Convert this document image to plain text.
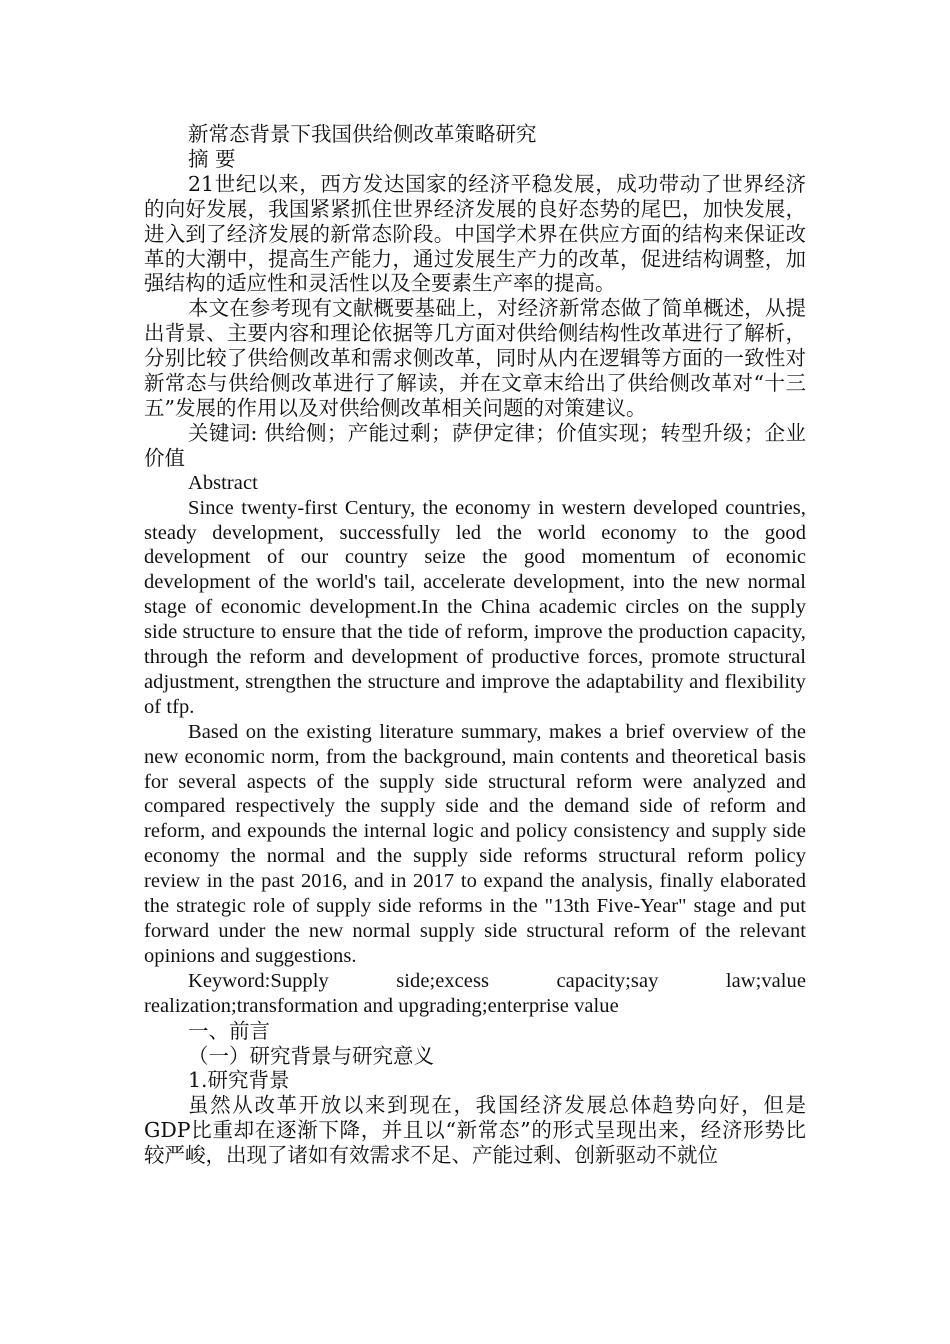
新常态背景下我国供给侧改革策略研究

摘 要

21世纪以来，西方发达国家的经济平稳发展，成功带动了世界经济的向好发展，我国紧紧抓住世界经济发展的良好态势的尾巴，加快发展，进入到了经济发展的新常态阶段。中国学术界在供应方面的结构来保证改革的大潮中，提高生产能力，通过发展生产力的改革，促进结构调整，加强结构的适应性和灵活性以及全要素生产率的提高。

本文在参考现有文献概要基础上，对经济新常态做了简单概述，从提出背景、主要内容和理论依据等几方面对供给侧结构性改革进行了解析，分别比较了供给侧改革和需求侧改革，同时从内在逻辑等方面的一致性对新常态与供给侧改革进行了解读，并在文章末给出了供给侧改革对“十三五”发展的作用以及对供给侧改革相关问题的对策建议。

关键词: 供给侧；产能过剩；萨伊定律；价值实现；转型升级；企业价值

Abstract

Since twenty-first Century, the economy in western developed countries, steady development, successfully led the world economy to the good development of our country seize the good momentum of economic development of the world's tail, accelerate development, into the new normal stage of economic development.In the China academic circles on the supply side structure to ensure that the tide of reform, improve the production capacity, through the reform and development of productive forces, promote structural adjustment, strengthen the structure and improve the adaptability and flexibility of tfp.

Based on the existing literature summary, makes a brief overview of the new economic norm, from the background, main contents and theoretical basis for several aspects of the supply side structural reform were analyzed and compared respectively the supply side and the demand side of reform and reform, and expounds the internal logic and policy consistency and supply side economy the normal and the supply side reforms structural reform policy review in the past 2016, and in 2017 to expand the analysis, finally elaborated the strategic role of supply side reforms in the "13th Five-Year" stage and put forward under the new normal supply side structural reform of the relevant opinions and suggestions.

Keyword:Supply side;excess capacity;say law;value realization;transformation and upgrading;enterprise value

一、前言

（一）研究背景与研究意义

1.研究背景

虽然从改革开放以来到现在，我国经济发展总体趋势向好，但是GDP比重却在逐渐下降，并且以“新常态”的形式呈现出来，经济形势比较严峻，出现了诸如有效需求不足、产能过剩、创新驱动不就位
